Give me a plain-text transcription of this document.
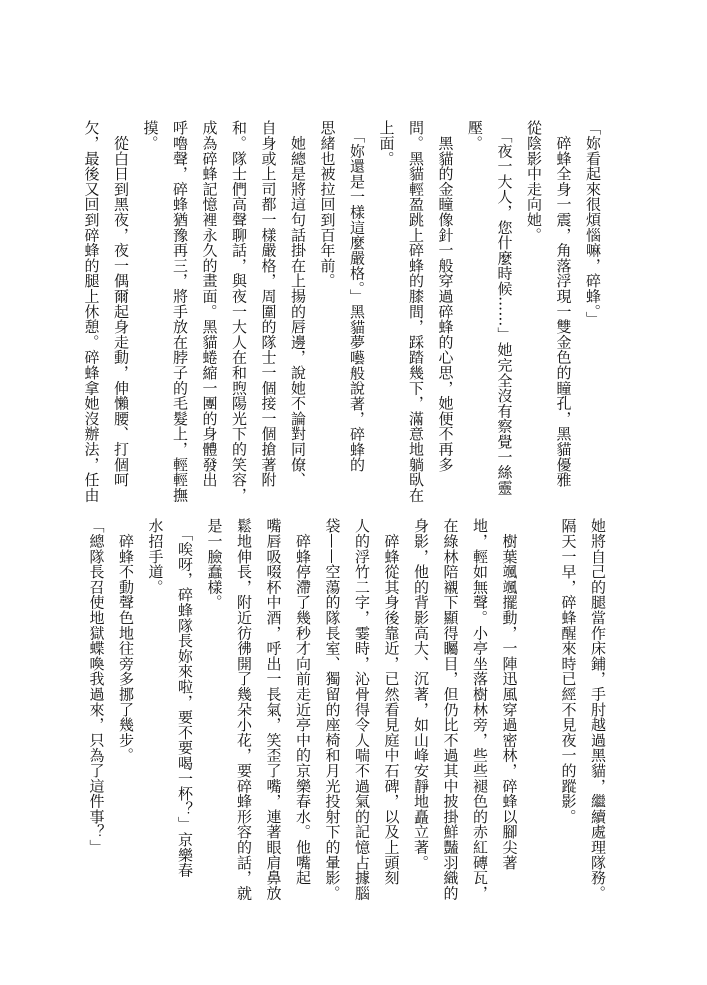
「妳看起來很煩惱嘛，碎蜂。」
　碎蜂全身一震，角落浮現一雙金色的瞳孔，黑貓優雅
從陰影中走向她。
　「夜一大人，您什麼時候……」她完全沒有察覺一絲靈
壓。
　黑貓的金瞳像針一般穿過碎蜂的心思，她便不再多
問。黑貓輕盈跳上碎蜂的膝間，踩踏幾下，滿意地躺臥在
上面。
　「妳還是一樣這麼嚴格。」黑貓夢囈般說著，碎蜂的
思緒也被拉回到百年前。
　她總是將這句話掛在上揚的唇邊，說她不論對同僚、
自身或上司都一樣嚴格，周圍的隊士一個接一個搶著附
和。隊士們高聲聊話，與夜一大人在和煦陽光下的笑容，
成為碎蜂記憶裡永久的畫面。黑貓蜷縮一團的身體發出
呼嚕聲，碎蜂猶豫再三，將手放在脖子的毛髮上，輕輕撫
摸。
　從白日到黑夜，夜一偶爾起身走動，伸懶腰、打個呵
欠，最後又回到碎蜂的腿上休憩。碎蜂拿她沒辦法，任由
她將自己的腿當作床鋪，手肘越過黑貓，繼續處理隊務。
隔天一早，碎蜂醒來時已經不見夜一的蹤影。

　樹葉颯颯擺動，一陣迅風穿過密林，碎蜂以腳尖著
地，輕如無聲。小亭坐落樹林旁，些些褪色的赤紅磚瓦，
在綠林陪襯下顯得矚目，但仍比不過其中披掛鮮豔羽織的
身影，他的背影高大、沉著，如山峰安靜地矗立著。
　碎蜂從其身後靠近，已然看見庭中石碑，以及上頭刻
人的浮竹二字，霎時，沁骨得令人喘不過氣的記憶占據腦
袋——空蕩的隊長室、獨留的座椅和月光投射下的暈影。
　碎蜂停滯了幾秒才向前走近亭中的京樂春水。他嘴起
嘴唇吸啜杯中酒，呼出一長氣，笑歪了嘴，連著眼肩鼻放
鬆地伸長，附近彷彿開了幾朵小花，要碎蜂形容的話，就
是一臉蠢樣。
　「唉呀，碎蜂隊長妳來啦，要不要喝一杯？」京樂春
水招手道。
　碎蜂不動聲色地往旁多挪了幾步。
「總隊長召使地獄蝶喚我過來，只為了這件事？」
